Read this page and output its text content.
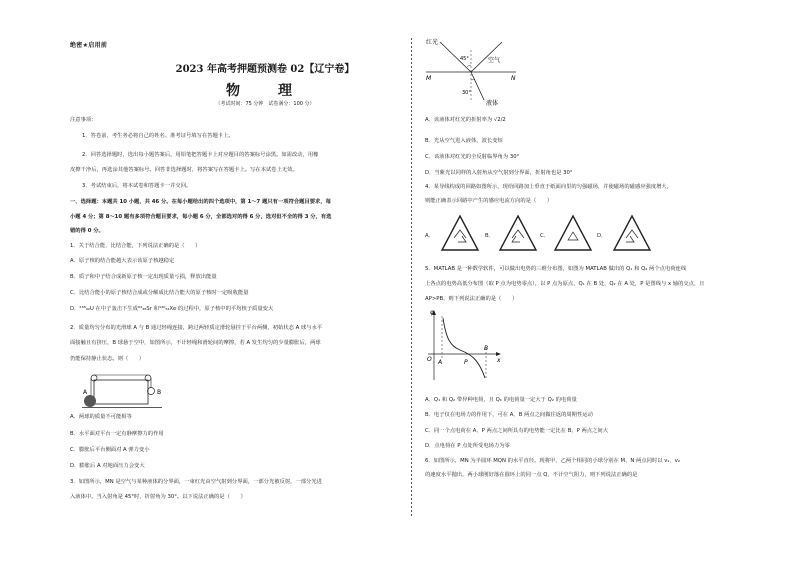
绝密★启用前
2023 年高考押题预测卷 02【辽宁卷】
物　理
（考试时间：75 分钟　试卷满分：100 分）
注意事项：
1．答卷前，考生务必将自己的姓名、准考证号填写在答题卡上。
2．回答选择题时，选出每小题答案后，用铅笔把答题卡上对应题目的答案标号涂黑。如需改动，用橡
皮擦干净后，再选涂其他答案标号。回答非选择题时，将答案写在答题卡上。写在本试卷上无效。
3．考试结束后，将本试卷和答题卡一并交回。
一、选择题：本题共 10 小题，共 46 分。在每小题给出的四个选项中，第 1～7 题只有一项符合题目要求，每
小题 4 分；第 8～10 题有多项符合题目要求，每小题 6 分，全部选对的得 6 分，选对但不全的得 3 分，有选
错的得 0 分。
1．关于结合能、比结合能，下列说法正确的是（　　）
A．原子核的结合能越大表示该原子核越稳定
B．质子和中子结合成新原子核一定出现质量亏损，释放出能量
C．比结合能小的原子核结合成或分解成比结合能大的原子核时一定吸收能量
D．²³⁸₉₂U 在中子轰击下生成⁹⁴₃₈Sr 和¹⁴⁰₅₄Xe 的过程中，原子核中的平均核子质量变大
2．质量均匀分布的光滑球 A 与 B 通过轻绳连接，跨过两轻质定滑轮悬挂于平台两侧，初始状态 A 球与水平
面接触且有挤压，B 球悬于空中，如图所示，不计轻绳和滑轮间的摩擦，若 A 发生均匀的少量膨胀后，两球
仍能保持静止状态。则（　　）
A	B
A．两球的质量不可能相等
B．水平面对平台一定有静摩擦力的作用
C．膨胀后平台侧面对 A 弹力变小
D．膨胀后 A 对地面压力会变大
3．如图所示，MN 是空气与某种液体的分界面，一束红光由空气射到分界面，一部分光被反射，一部分光进
入液体中。当入射角是 45°时，折射角为 30°。以下说法正确的是（　　）
红光
45°	空气
M	N
30°
液体
A．该液体对红光的折射率为 √2/2
B．光从空气进入液体，波长变短
C．该液体对红光的全反射临界角为 30°
D．当紫光以同样的入射角从空气射到分界面，折射角也是 30°
4．某导线构成的回路如图所示，现给回路加上垂直于纸面向里的匀强磁场，并使磁场的磁感应强度增大，
则能正确表示回路中产生的感应电流方向的是（　　）
A．	B．	C．	D．
5．MATLAB 是一种数学软件，可以做出电势的三维分布图，如图为 MATLAB 做出的 Q₁ 和 Q₂ 两个点电荷连线
上各点的电势高低分布图（取 P 点为电势零点），以 P 点为原点，Q₁ 在 B 处，Q₂ 在 A 处，P 是图线与 x 轴的交点，且
AP>PB，则下列说法正确的是（　　）
φ
O A	P
B
x
A．Q₁ 和 Q₂ 带异种电荷，且 Q₁ 的电荷量一定大于 Q₂ 的电荷量
B．电子仅在电场力的作用下，可在 A、B 两点之间做往返的周期性运动
C．同一个点电荷在 A、P 两点之间所具有的电势能一定比在 B、P 两点之间大
D．点电荷在 P 点处所受电场力为零
6．如图所示，MN 为半圆环 MQN 的水平直径。现将甲、乙两个相同的小球分别在 M、N 两点同时以 v₁、v₂
的速度水平抛出，两小球刚好落在圆环上的同一点 Q，不计空气阻力，则下列说法正确的是
